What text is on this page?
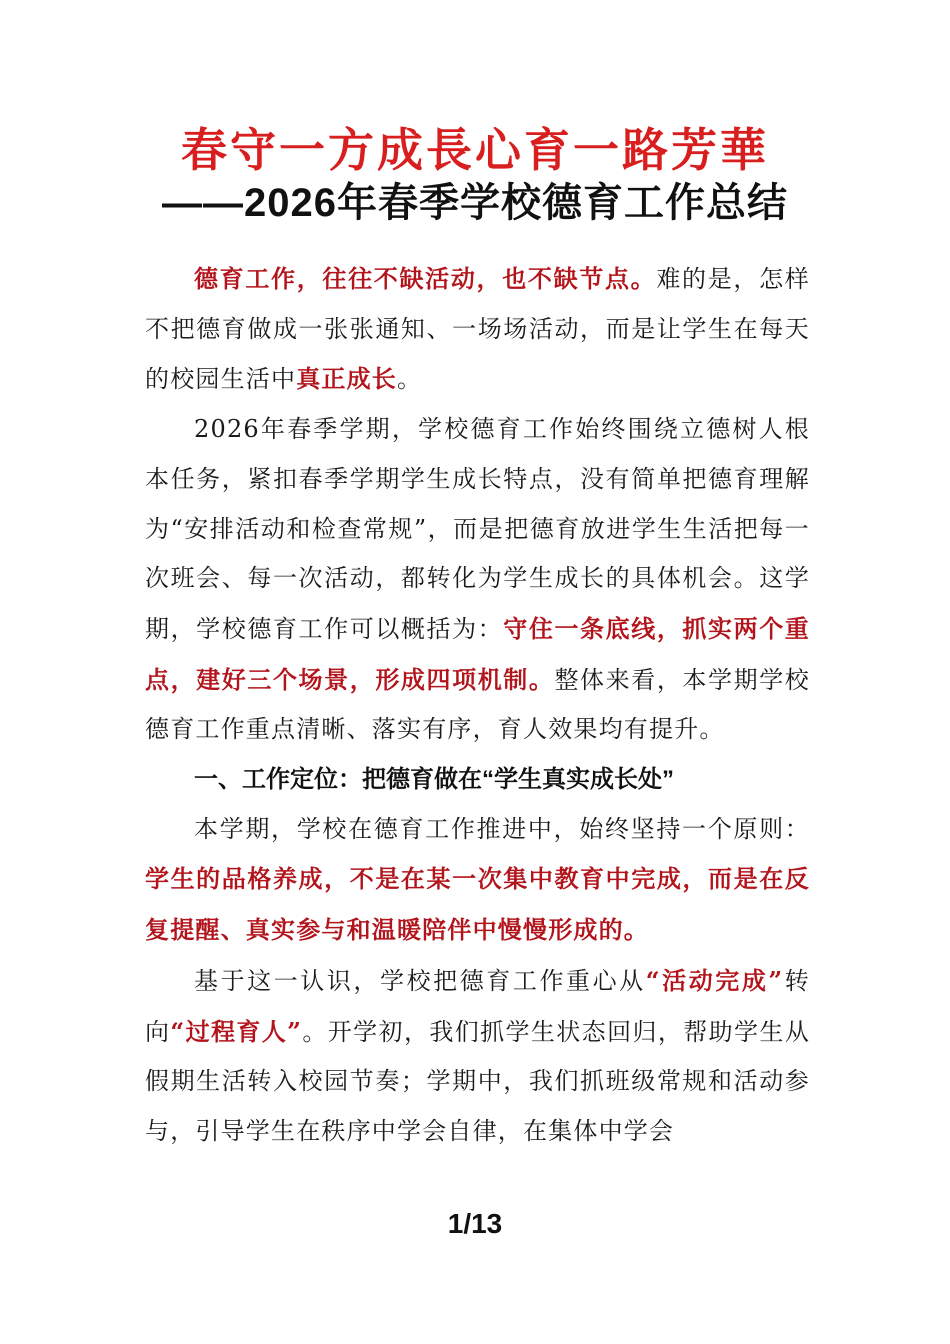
春守一方成長心育一路芳華
——2026年春季学校德育工作总结

德育工作，往往不缺活动，也不缺节点。难的是，怎样不把德育做成一张张通知、一场场活动，而是让学生在每天的校园生活中真正成长。

2026年春季学期，学校德育工作始终围绕立德树人根本任务，紧扣春季学期学生成长特点，没有简单把德育理解为“安排活动和检查常规”，而是把德育放进学生生活把每一次班会、每一次活动，都转化为学生成长的具体机会。这学期，学校德育工作可以概括为：守住一条底线，抓实两个重点，建好三个场景，形成四项机制。整体来看，本学期学校德育工作重点清晰、落实有序，育人效果均有提升。

一、工作定位：把德育做在“学生真实成长处”

本学期，学校在德育工作推进中，始终坚持一个原则：学生的品格养成，不是在某一次集中教育中完成，而是在反复提醒、真实参与和温暖陪伴中慢慢形成的。

基于这一认识，学校把德育工作重心从“活动完成”转向“过程育人”。开学初，我们抓学生状态回归，帮助学生从假期生活转入校园节奏；学期中，我们抓班级常规和活动参与，引导学生在秩序中学会自律，在集体中学会

1/13
